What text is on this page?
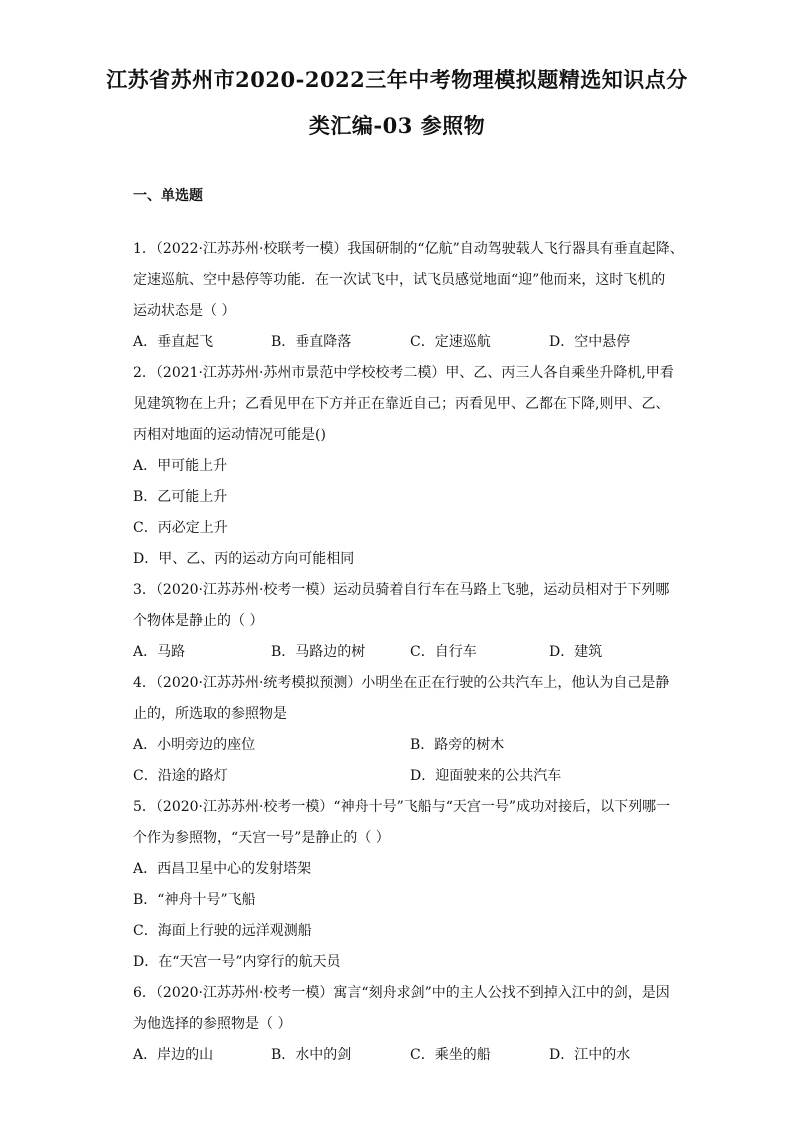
江苏省苏州市2020-2022三年中考物理模拟题精选知识点分
类汇编-03 参照物
一、单选题
1．（2022·江苏苏州·校联考一模）我国研制的“亿航”自动驾驶载人飞行器具有垂直起降、
定速巡航、空中悬停等功能．在一次试飞中，试飞员感觉地面“迎”他而来，这时飞机的
运动状态是（ ）
A．垂直起飞	B．垂直降落	C．定速巡航	D．空中悬停
2．（2021·江苏苏州·苏州市景范中学校校考二模）甲、乙、丙三人各自乘坐升降机,甲看
见建筑物在上升；乙看见甲在下方并正在靠近自己；丙看见甲、乙都在下降,则甲、乙、
丙相对地面的运动情况可能是()
A．甲可能上升
B．乙可能上升
C．丙必定上升
D．甲、乙、丙的运动方向可能相同
3．（2020·江苏苏州·校考一模）运动员骑着自行车在马路上飞驰，运动员相对于下列哪
个物体是静止的（ ）
A．马路	B．马路边的树	C．自行车	D．建筑
4．（2020·江苏苏州·统考模拟预测）小明坐在正在行驶的公共汽车上，他认为自己是静
止的，所选取的参照物是
A．小明旁边的座位	B．路旁的树木
C．沿途的路灯	D．迎面驶来的公共汽车
5．（2020·江苏苏州·校考一模）“神舟十号”飞船与“天宫一号”成功对接后，以下列哪一
个作为参照物，“天宫一号”是静止的（ ）
A．西昌卫星中心的发射塔架
B．“神舟十号”飞船
C．海面上行驶的远洋观测船
D．在“天宫一号”内穿行的航天员
6．（2020·江苏苏州·校考一模）寓言“刻舟求剑”中的主人公找不到掉入江中的剑，是因
为他选择的参照物是（ ）
A．岸边的山	B．水中的剑	C．乘坐的船	D．江中的水
